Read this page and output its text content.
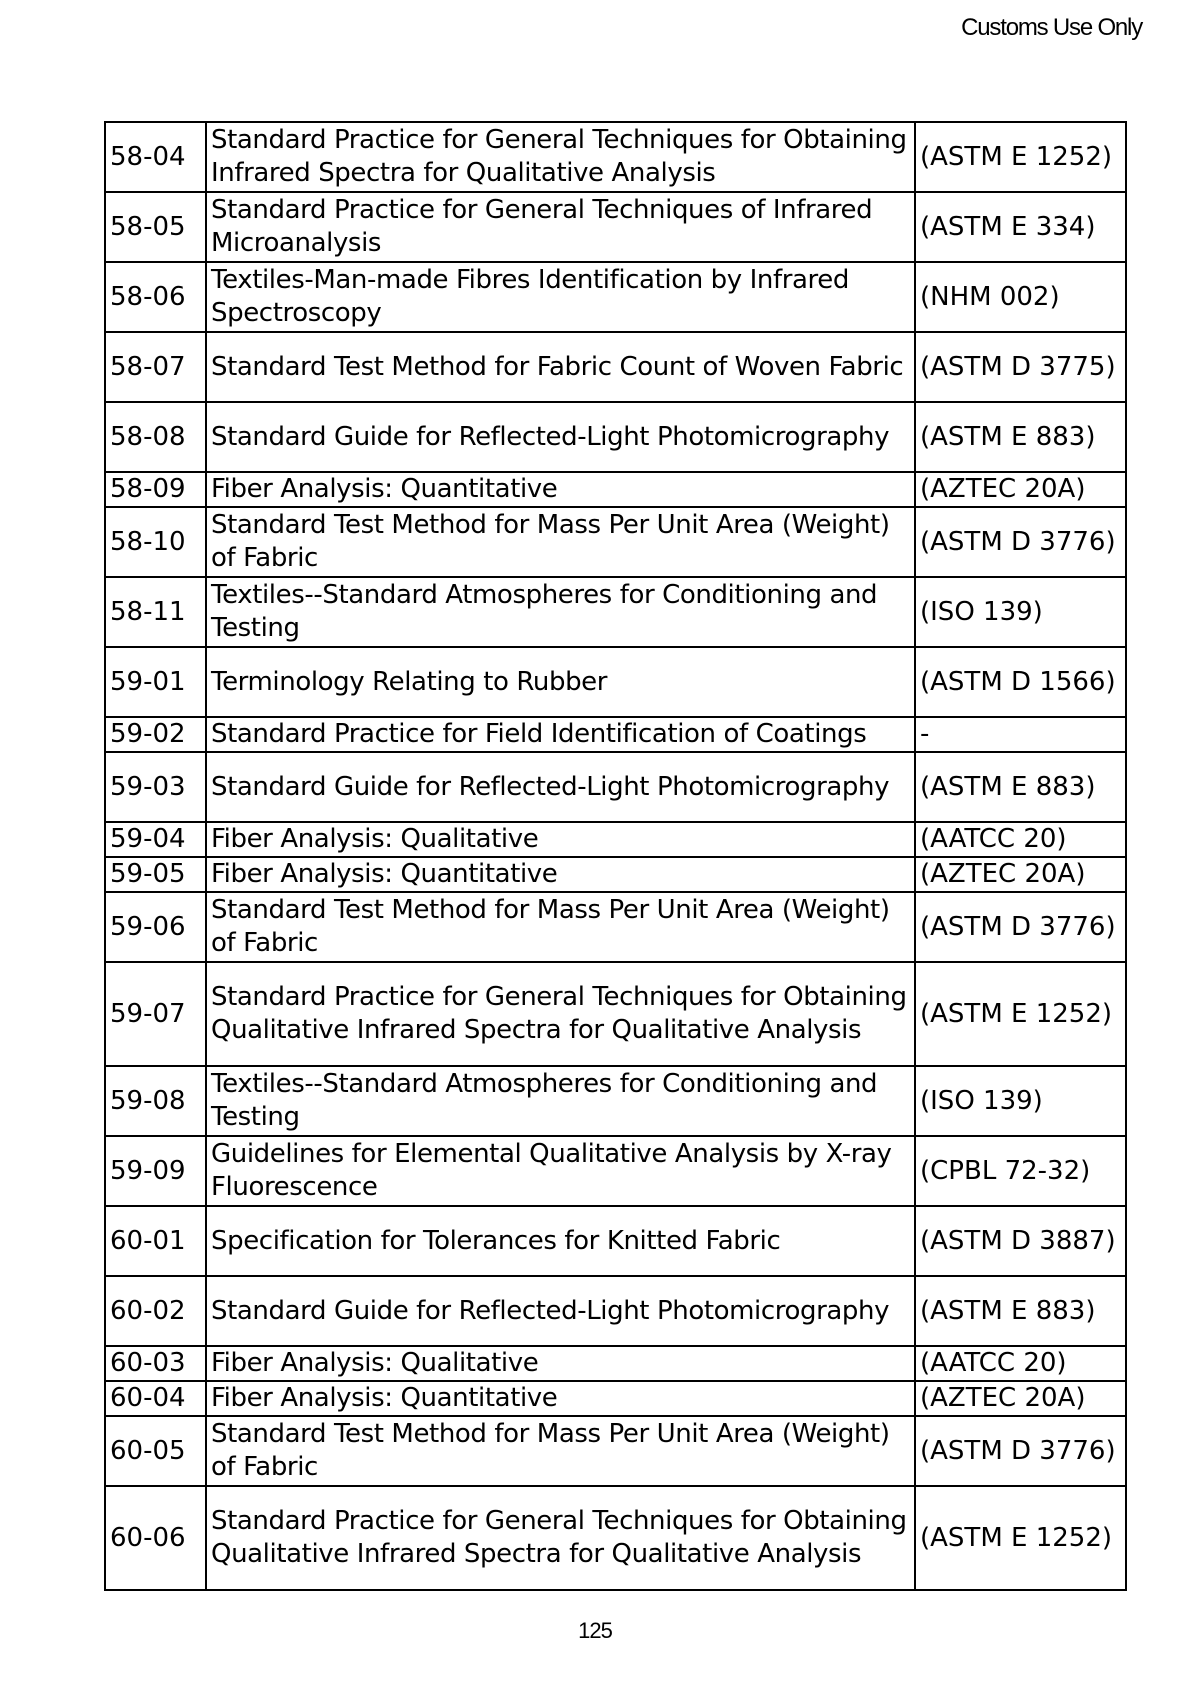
Customs Use Only
58-04	Standard Practice for General Techniques for Obtaining Infrared Spectra for Qualitative Analysis	(ASTM E 1252)
58-05	Standard Practice for General Techniques of Infrared Microanalysis	(ASTM E 334)
58-06	Textiles-Man-made Fibres Identification by Infrared Spectroscopy	(NHM 002)
58-07	Standard Test Method for Fabric Count of Woven Fabric	(ASTM D 3775)
58-08	Standard Guide for Reflected-Light Photomicrography	(ASTM E 883)
58-09	Fiber Analysis: Quantitative	(AZTEC 20A)
58-10	Standard Test Method for Mass Per Unit Area (Weight) of Fabric	(ASTM D 3776)
58-11	Textiles--Standard Atmospheres for Conditioning and Testing	(ISO 139)
59-01	Terminology Relating to Rubber	(ASTM D 1566)
59-02	Standard Practice for Field Identification of Coatings	-
59-03	Standard Guide for Reflected-Light Photomicrography	(ASTM E 883)
59-04	Fiber Analysis: Qualitative	(AATCC 20)
59-05	Fiber Analysis: Quantitative	(AZTEC 20A)
59-06	Standard Test Method for Mass Per Unit Area (Weight) of Fabric	(ASTM D 3776)
59-07	Standard Practice for General Techniques for Obtaining Qualitative Infrared Spectra for Qualitative Analysis	(ASTM E 1252)
59-08	Textiles--Standard Atmospheres for Conditioning and Testing	(ISO 139)
59-09	Guidelines for Elemental Qualitative Analysis by X-ray Fluorescence	(CPBL 72-32)
60-01	Specification for Tolerances for Knitted Fabric	(ASTM D 3887)
60-02	Standard Guide for Reflected-Light Photomicrography	(ASTM E 883)
60-03	Fiber Analysis: Qualitative	(AATCC 20)
60-04	Fiber Analysis: Quantitative	(AZTEC 20A)
60-05	Standard Test Method for Mass Per Unit Area (Weight) of Fabric	(ASTM D 3776)
60-06	Standard Practice for General Techniques for Obtaining Qualitative Infrared Spectra for Qualitative Analysis	(ASTM E 1252)
125
